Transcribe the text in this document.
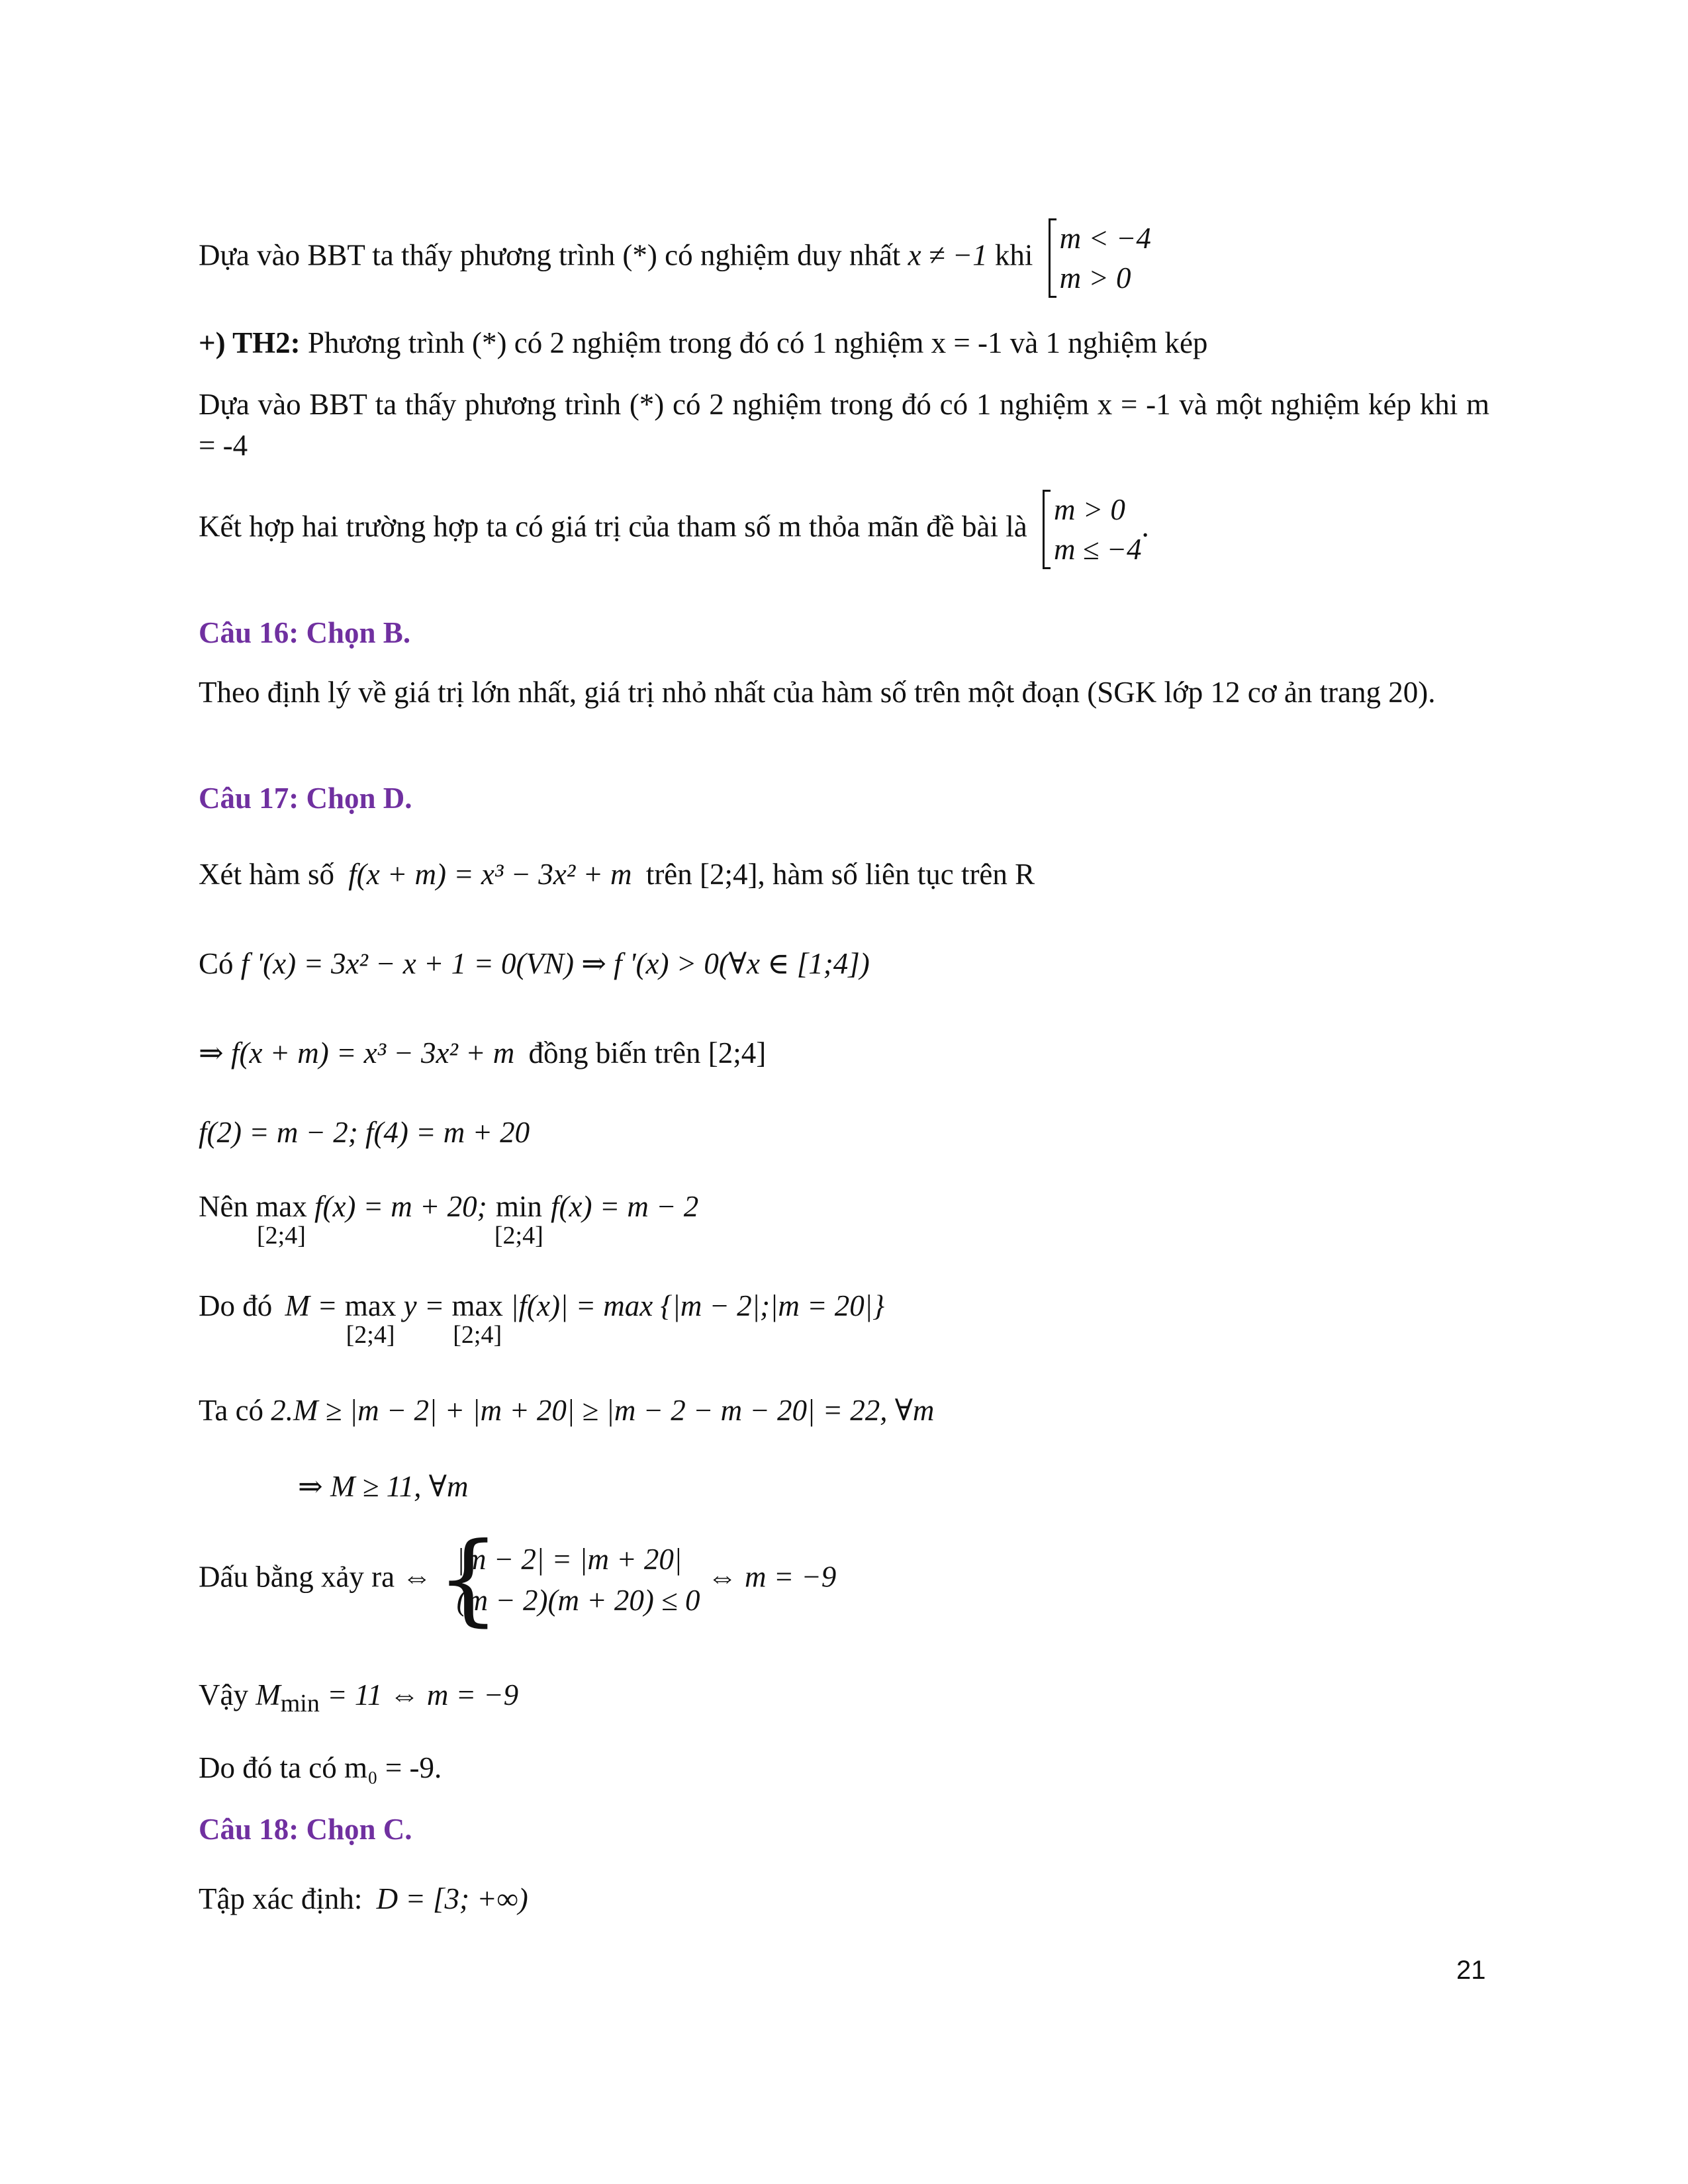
Dựa vào BBT ta thấy phương trình (*) có nghiệm duy nhất x ≠ −1 khi
m < −4
m > 0
+) TH2: Phương trình (*) có 2 nghiệm trong đó có 1 nghiệm x = -1 và 1 nghiệm kép
Dựa vào BBT ta thấy phương trình (*) có 2 nghiệm trong đó có 1 nghiệm x = -1 và một nghiệm kép khi m = -4
Kết hợp hai trường hợp ta có giá trị của tham số m thỏa mãn đề bài là
m > 0
m ≤ −4
.
Câu 16: Chọn B.
Theo định lý về giá trị lớn nhất, giá trị nhỏ nhất của hàm số trên một đoạn (SGK lớp 12 cơ ản trang 20).
Câu 17: Chọn D.
Xét hàm số f(x + m) = x³ − 3x² + m trên [2;4], hàm số liên tục trên R
Có f '(x) = 3x² − x + 1 = 0(VN) ⇒ f '(x) > 0(∀x ∈ [1;4])
⇒ f(x + m) = x³ − 3x² + m đồng biến trên [2;4]
f(2) = m − 2; f(4) = m + 20
Nên max
[2;4]
f(x) = m + 20; min
[2;4]
f(x) = m − 2
Do đó M = max
[2;4]
y = max
[2;4]
|f(x)| = max {|m − 2|;|m = 20|}
Ta có 2.M ≥ |m − 2| + |m + 20| ≥ |m − 2 − m − 20| = 22, ∀m
⇒ M ≥ 11, ∀m
Dấu bằng xảy ra ⇔ {
|m − 2| = |m + 20|
(m − 2)(m + 20) ≤ 0
⇔ m = −9
Vậy $M_{min} = 11$ ⇔ m = −9
Do đó ta có m₀ = -9.
Câu 18: Chọn C.
Tập xác định: D = [3; +∞)
21
